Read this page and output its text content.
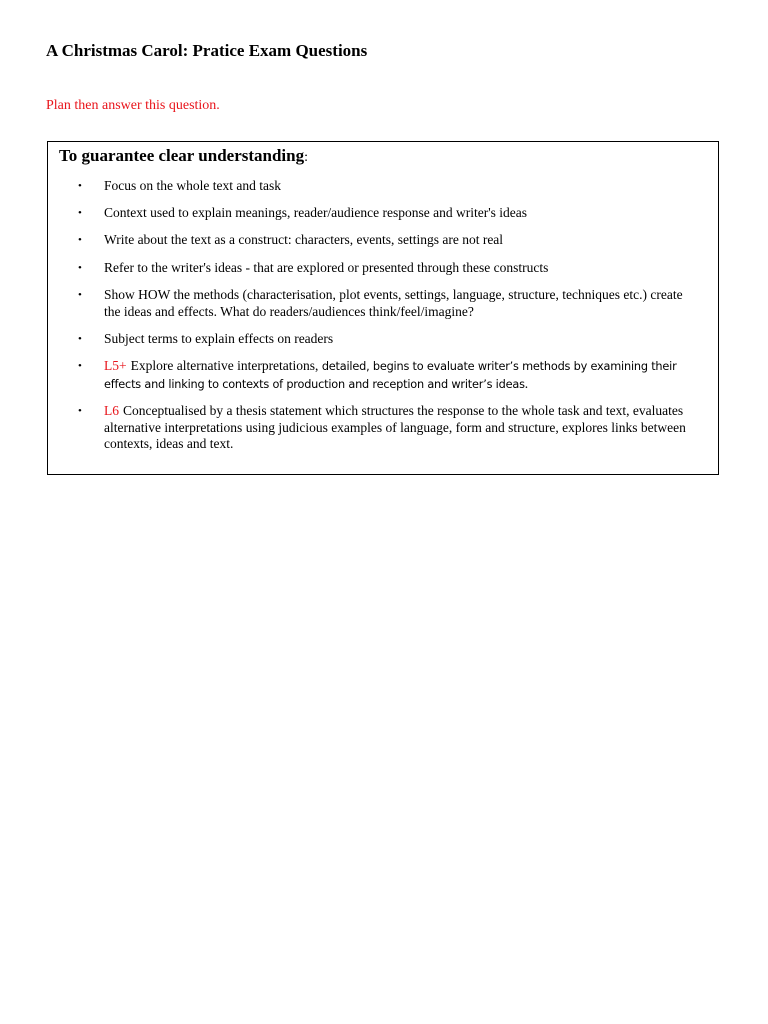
A Christmas Carol: Pratice Exam Questions

Plan then answer this question.

To guarantee clear understanding:
• Focus on the whole text and task
• Context used to explain meanings, reader/audience response and writer's ideas
• Write about the text as a construct: characters, events, settings are not real
• Refer to the writer's ideas - that are explored or presented through these constructs
• Show HOW the methods (characterisation, plot events, settings, language, structure, techniques etc.) create the ideas and effects. What do readers/audiences think/feel/imagine?
• Subject terms to explain effects on readers
• L5+ Explore alternative interpretations, detailed, begins to evaluate writer’s methods by examining their effects and linking to contexts of production and reception and writer’s ideas.
• L6 Conceptualised by a thesis statement which structures the response to the whole task and text, evaluates alternative interpretations using judicious examples of language, form and structure, explores links between contexts, ideas and text.
